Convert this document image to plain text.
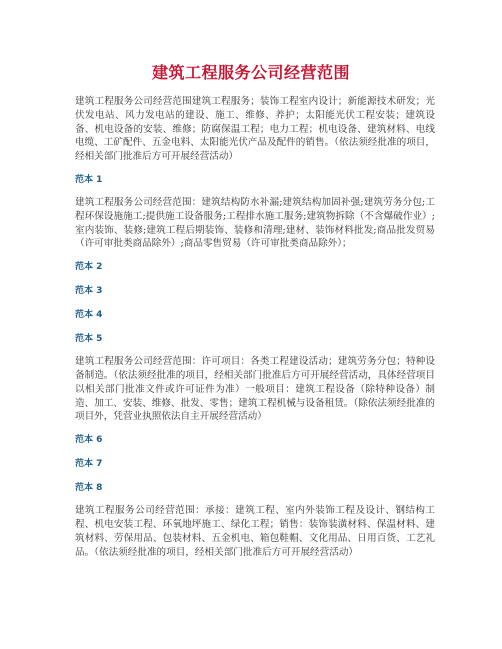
建筑工程服务公司经营范围

建筑工程服务公司经营范围建筑工程服务；装饰工程室内设计；新能源技术研发；光伏发电站、风力发电站的建设、施工、维修、养护；太阳能光伏工程安装；建筑设备、机电设备的安装、维修；防腐保温工程；电力工程；机电设备、建筑材料、电线电缆、工矿配件、五金电料、太阳能光伏产品及配件的销售。（依法须经批准的项目，经相关部门批准后方可开展经营活动）

范本 1

建筑工程服务公司经营范围：建筑结构防水补漏;建筑结构加固补强;建筑劳务分包;工程环保设施施工;提供施工设备服务;工程排水施工服务;建筑物拆除（不含爆破作业）;室内装饰、装修;建筑工程后期装饰、装修和清理;建材、装饰材料批发;商品批发贸易（许可审批类商品除外）;商品零售贸易（许可审批类商品除外）；

范本 2
范本 3
范本 4
范本 5

建筑工程服务公司经营范围：许可项目：各类工程建设活动；建筑劳务分包；特种设备制造。（依法须经批准的项目，经相关部门批准后方可开展经营活动，具体经营项目以相关部门批准文件或许可证件为准）一般项目：建筑工程设备（除特种设备）制造、加工、安装、维修、批发、零售；建筑工程机械与设备租赁。（除依法须经批准的项目外，凭营业执照依法自主开展经营活动）

范本 6
范本 7
范本 8

建筑工程服务公司经营范围：承接：建筑工程、室内外装饰工程及设计、钢结构工程、机电安装工程、环氧地坪施工、绿化工程；销售：装饰装潢材料、保温材料、建筑材料、劳保用品、包装材料、五金机电、箱包鞋帽、文化用品、日用百货、工艺礼品。（依法须经批准的项目，经相关部门批准后方可开展经营活动）
